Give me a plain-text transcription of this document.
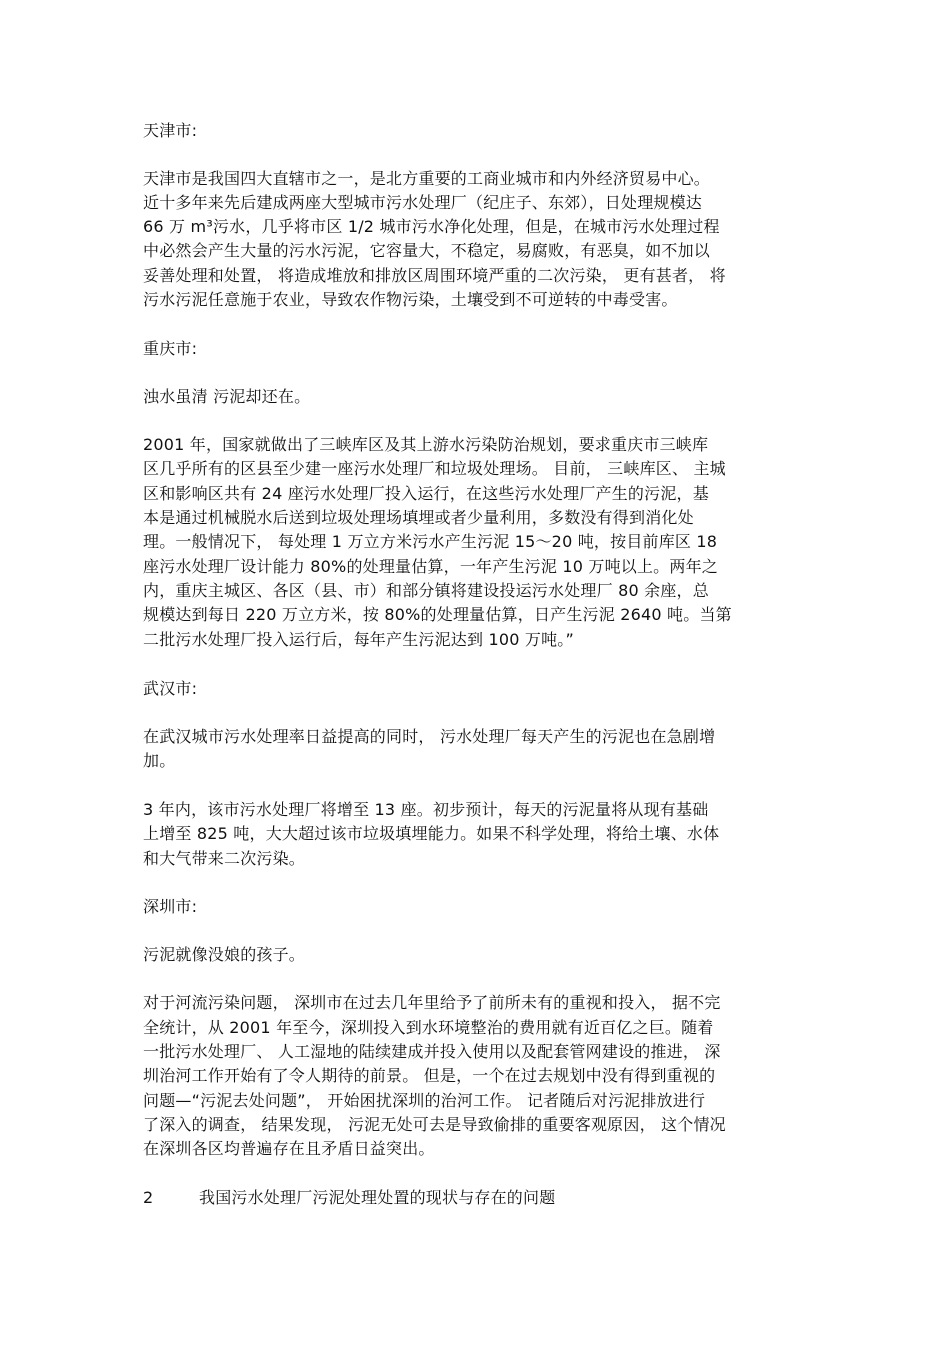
天津市:
天津市是我国四大直辖市之一，是北方重要的工商业城市和内外经济贸易中心。
近十多年来先后建成两座大型城市污水处理厂（纪庄子、东郊），日处理规模达
66 万 m³污水，几乎将市区 1/2 城市污水净化处理，但是，在城市污水处理过程
中必然会产生大量的污水污泥，它容量大，不稳定，易腐败，有恶臭，如不加以
妥善处理和处置， 将造成堆放和排放区周围环境严重的二次污染， 更有甚者， 将
污水污泥任意施于农业，导致农作物污染，土壤受到不可逆转的中毒受害。
重庆市:
浊水虽清 污泥却还在。
2001 年，国家就做出了三峡库区及其上游水污染防治规划，要求重庆市三峡库
区几乎所有的区县至少建一座污水处理厂和垃圾处理场。 目前， 三峡库区、 主城
区和影响区共有 24 座污水处理厂投入运行，在这些污水处理厂产生的污泥，基
本是通过机械脱水后送到垃圾处理场填埋或者少量利用，多数没有得到消化处
理。一般情况下， 每处理 1 万立方米污水产生污泥 15～20 吨，按目前库区 18
座污水处理厂设计能力 80%的处理量估算，一年产生污泥 10 万吨以上。两年之
内，重庆主城区、各区（县、市）和部分镇将建设投运污水处理厂 80 余座，总
规模达到每日 220 万立方米，按 80%的处理量估算，日产生污泥 2640 吨。当第
二批污水处理厂投入运行后，每年产生污泥达到 100 万吨。”
武汉市:
在武汉城市污水处理率日益提高的同时， 污水处理厂每天产生的污泥也在急剧增
加。
3 年内，该市污水处理厂将增至 13 座。初步预计，每天的污泥量将从现有基础
上增至 825 吨，大大超过该市垃圾填埋能力。如果不科学处理，将给土壤、水体
和大气带来二次污染。
深圳市:
污泥就像没娘的孩子。
对于河流污染问题， 深圳市在过去几年里给予了前所未有的重视和投入， 据不完
全统计，从 2001 年至今，深圳投入到水环境整治的费用就有近百亿之巨。随着
一批污水处理厂、 人工湿地的陆续建成并投入使用以及配套管网建设的推进， 深
圳治河工作开始有了令人期待的前景。 但是，一个在过去规划中没有得到重视的
问题—“污泥去处问题”， 开始困扰深圳的治河工作。 记者随后对污泥排放进行
了深入的调查， 结果发现， 污泥无处可去是导致偷排的重要客观原因， 这个情况
在深圳各区均普遍存在且矛盾日益突出。
2	我国污水处理厂污泥处理处置的现状与存在的问题
